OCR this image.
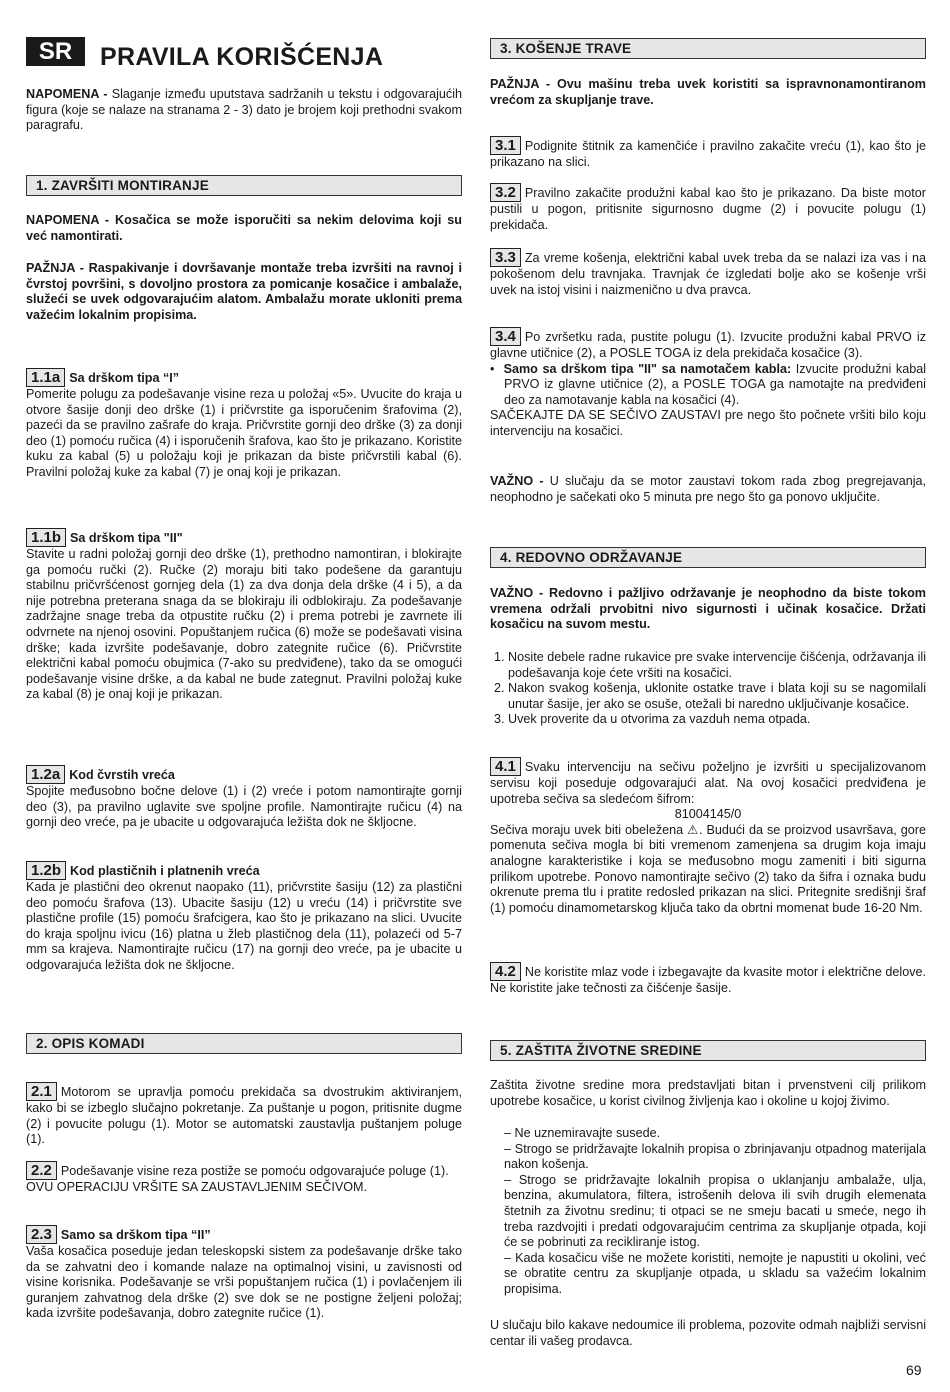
SR	PRAVILA KORIŠĆENJA

NAPOMENA - Slaganje između uputstava sadržanih u tekstu i odgovarajućih figura (koje se nalaze na stranama 2 - 3) dato je brojem koji prethodni svakom paragrafu.

1. ZAVRŠITI MONTIRANJE

NAPOMENA - Kosačica se može isporučiti sa nekim delovima koji su već namontirati.

PAŽNJA - Raspakivanje i dovršavanje montaže treba izvršiti na ravnoj i čvrstoj površini, s dovoljno prostora za pomicanje kosačice i ambalaže, služeći se uvek odgovarajućim alatom. Ambalažu morate ukloniti prema važećim lokalnim propisima.

1.1a Sa drškom tipa “I”

Pomerite polugu za podešavanje visine reza u položaj «5». Uvucite do kraja u otvore šasije donji deo drške (1) i pričvrstite ga isporučenim šrafovima (2), pazeći da se pravilno zašrafe do kraja. Pričvrstite gornji deo drške (3) za donji deo (1) pomoću ručica (4) i isporučenih šrafova, kao što je prikazano. Koristite kuku za kabal (5) u položaju koji je prikazan da biste pričvrstili kabal (6). Pravilni položaj kuke za kabal (7) je onaj koji je prikazan.

1.1b Sa drškom tipa "II"

Stavite u radni položaj gornji deo drške (1), prethodno namontiran, i blokirajte ga pomoću ručki (2). Ručke (2) moraju biti tako podešene da garantuju stabilnu pričvršćenost gornjeg dela (1) za dva donja dela drške (4 i 5), a da nije potrebna preterana snaga da se blokiraju ili odblokiraju. Za podešavanje zadržajne snage treba da otpustite ručku (2) i prema potrebi je zavrnete ili odvrnete na njenoj osovini. Popuštanjem ručica (6) može se podešavati visina drške; kada izvršite podešavanje, dobro zategnite ručice (6). Pričvrstite električni kabal pomoću obujmica (7-ako su predviđene), tako da se omogući podešavanje visine drške, a da kabal ne bude zategnut. Pravilni položaj kuke za kabal (8) je onaj koji je prikazan.

1.2a Kod čvrstih vreća

Spojite međusobno bočne delove (1) i (2) vreće i potom namontirajte gornji deo (3), pa pravilno uglavite sve spoljne profile. Namontirajte ručicu (4) na gornji deo vreće, pa je ubacite u odgovarajuća ležišta dok ne škljocne.

1.2b Kod plastičnih i platnenih vreća

Kada je plastični deo okrenut naopako (11), pričvrstite šasiju (12) za plastični deo pomoću šrafova (13). Ubacite šasiju (12) u vreću (14) i pričvrstite sve plastične profile (15) pomoću šrafcigera, kao što je prikazano na slici. Uvucite do kraja spoljnu ivicu (16) platna u žleb plastičnog dela (11), polazeći od 5-7 mm sa krajeva. Namontirajte ručicu (17) na gornji deo vreće, pa je ubacite u odgovarajuća ležišta dok ne škljocne.

2. OPIS KOMADI

2.1 Motorom se upravlja pomoću prekidača sa dvostrukim aktiviranjem, kako bi se izbeglo slučajno pokretanje. Za puštanje u pogon, pritisnite dugme (2) i povucite polugu (1). Motor se automatski zaustavlja puštanjem poluge (1).

2.2 Podešavanje visine reza postiže se pomoću odgovarajuće poluge (1).

OVU OPERACIJU VRŠITE SA ZAUSTAVLJENIM SEČIVOM.

2.3 Samo sa drškom tipa “II”

Vaša kosačica poseduje jedan teleskopski sistem za podešavanje drške tako da se zahvatni deo i komande nalaze na optimalnoj visini, u zavisnosti od visine korisnika. Podešavanje se vrši popuštanjem ručica (1) i povlačenjem ili guranjem zahvatnog dela drške (2) sve dok se ne postigne željeni položaj; kada izvršite podešavanja, dobro zategnite ručice (1).

3. KOŠENJE TRAVE

PAŽNJA - Ovu mašinu treba uvek koristiti sa ispravnonamontiranom vrećom za skupljanje trave.

3.1 Podignite štitnik za kamenčiće i pravilno zakačite vreću (1), kao što je prikazano na slici.

3.2 Pravilno zakačite produžni kabal kao što je prikazano. Da biste motor pustili u pogon, pritisnite sigurnosno dugme (2) i povucite polugu (1) prekidača.

3.3 Za vreme košenja, električni kabal uvek treba da se nalazi iza vas i na pokošenom delu travnjaka. Travnjak će izgledati bolje ako se košenje vrši uvek na istoj visini i naizmenično u dva pravca.

3.4 Po zvršetku rada, pustite polugu (1). Izvucite produžni kabal PRVO iz glavne utičnice (2), a POSLE TOGA iz dela prekidača kosačice (3).

•  Samo sa drškom tipa "II" sa namotačem kabla: Izvucite produžni kabal PRVO iz glavne utičnice (2), a POSLE TOGA ga namotajte na predviđeni deo za namotavanje kabla na kosačici (4).

SAČEKAJTE DA SE SEČIVO ZAUSTAVI pre nego što počnete vršiti bilo koju intervenciju na kosačici.

VAŽNO - U slučaju da se motor zaustavi tokom rada zbog pregrejavanja, neophodno je sačekati oko 5 minuta pre nego što ga ponovo uključite.

4. REDOVNO ODRŽAVANJE

VAŽNO - Redovno i pažljivo održavanje je neophodno da biste tokom vremena održali prvobitni nivo sigurnosti i učinak kosačice. Držati kosačicu na suvom mestu.

1. Nosite debele radne rukavice pre svake intervencije čišćenja, održavanja ili podešavanja koje ćete vršiti na kosačici.
2. Nakon svakog košenja, uklonite ostatke trave i blata koji su se nagomilali unutar šasije, jer ako se osuše, otežali bi naredno uključivanje kosačice.
3. Uvek proverite da u otvorima za vazduh nema otpada.

4.1 Svaku intervenciju na sečivu poželjno je izvršiti u specijalizovanom servisu koji poseduje odgovarajući alat. Na ovoj kosačici predviđena je upotreba sečiva sa sledećom šifrom:

81004145/0

Sečiva moraju uvek biti obeležena ⚠. Budući da se proizvod usavršava, gore pomenuta sečiva mogla bi biti vremenom zamenjena sa drugim koja imaju analogne karakteristike i koja se međusobno mogu zameniti i biti sigurna prilikom upotrebe. Ponovo namontirajte sečivo (2) tako da šifra i oznaka budu okrenute prema tlu i pratite redosled prikazan na slici. Pritegnite središnji šraf (1) pomoću dinamometarskog ključa tako da obrtni momenat bude 16-20 Nm.

4.2 Ne koristite mlaz vode i izbegavajte da kvasite motor i električne delove. Ne koristite jake tečnosti za čišćenje šasije.

5. ZAŠTITA ŽIVOTNE SREDINE

Zaštita životne sredine mora predstavljati bitan i prvenstveni cilj prilikom upotrebe kosačice, u korist civilnog življenja kao i okoline u kojoj živimo.

– Ne uznemiravajte susede.
– Strogo se pridržavajte lokalnih propisa o zbrinjavanju otpadnog materijala nakon košenja.
– Strogo se pridržavajte lokalnih propisa o uklanjanju ambalaže, ulja, benzina, akumulatora, filtera, istrošenih delova ili svih drugih elemenata štetnih za životnu sredinu; ti otpaci se ne smeju bacati u smeće, nego ih treba razdvojiti i predati odgovarajućim centrima za skupljanje otpada, koji će se pobrinuti za recikliranje istog.
– Kada kosačicu više ne možete koristiti, nemojte je napustiti u okolini, već se obratite centru za skupljanje otpada, u skladu sa važećim lokalnim propisima.

U slučaju bilo kakave nedoumice ili problema, pozovite odmah najbliži servisni centar ili vašeg prodavca.

69
